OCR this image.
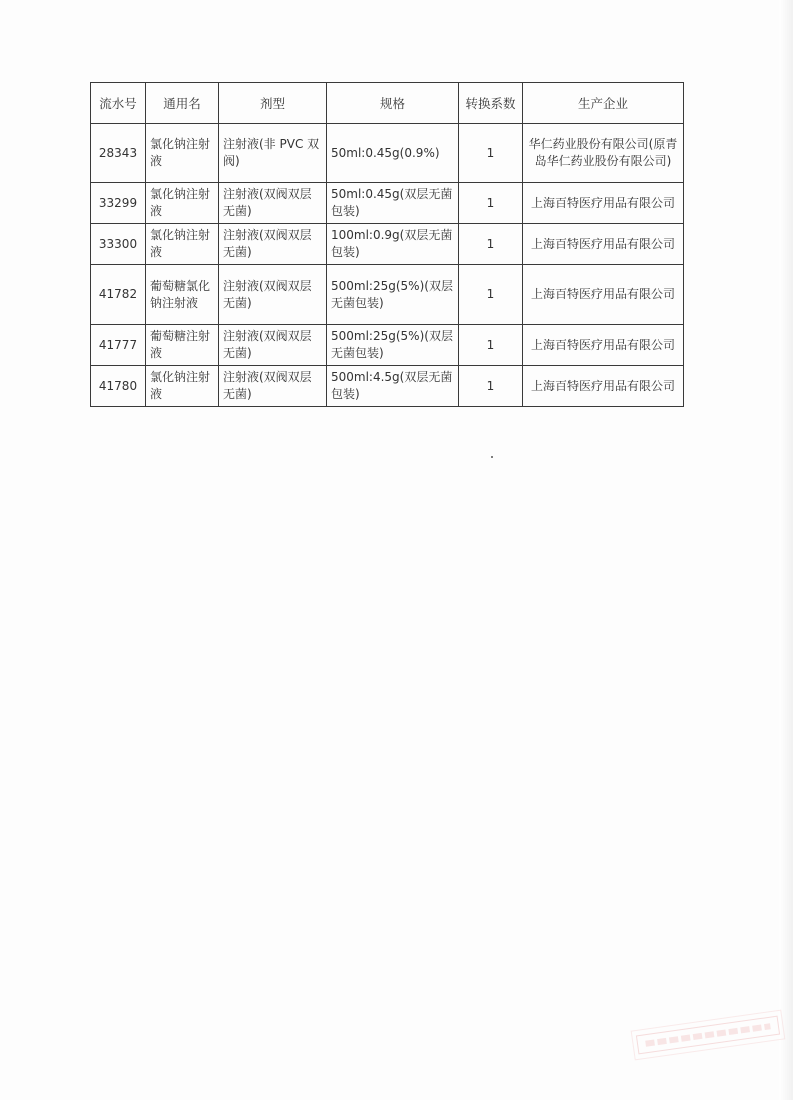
流水号	通用名	剂型	规格	转换系数	生产企业
28343	氯化钠注射液	注射液(非 PVC 双阀)	50ml:0.45g(0.9%)	1	华仁药业股份有限公司(原青岛华仁药业股份有限公司)
33299	氯化钠注射液	注射液(双阀双层无菌)	50ml:0.45g(双层无菌包装)	1	上海百特医疗用品有限公司
33300	氯化钠注射液	注射液(双阀双层无菌)	100ml:0.9g(双层无菌包装)	1	上海百特医疗用品有限公司
41782	葡萄糖氯化钠注射液	注射液(双阀双层无菌)	500ml:25g(5%)(双层无菌包装)	1	上海百特医疗用品有限公司
41777	葡萄糖注射液	注射液(双阀双层无菌)	500ml:25g(5%)(双层无菌包装)	1	上海百特医疗用品有限公司
41780	氯化钠注射液	注射液(双阀双层无菌)	500ml:4.5g(双层无菌包装)	1	上海百特医疗用品有限公司
